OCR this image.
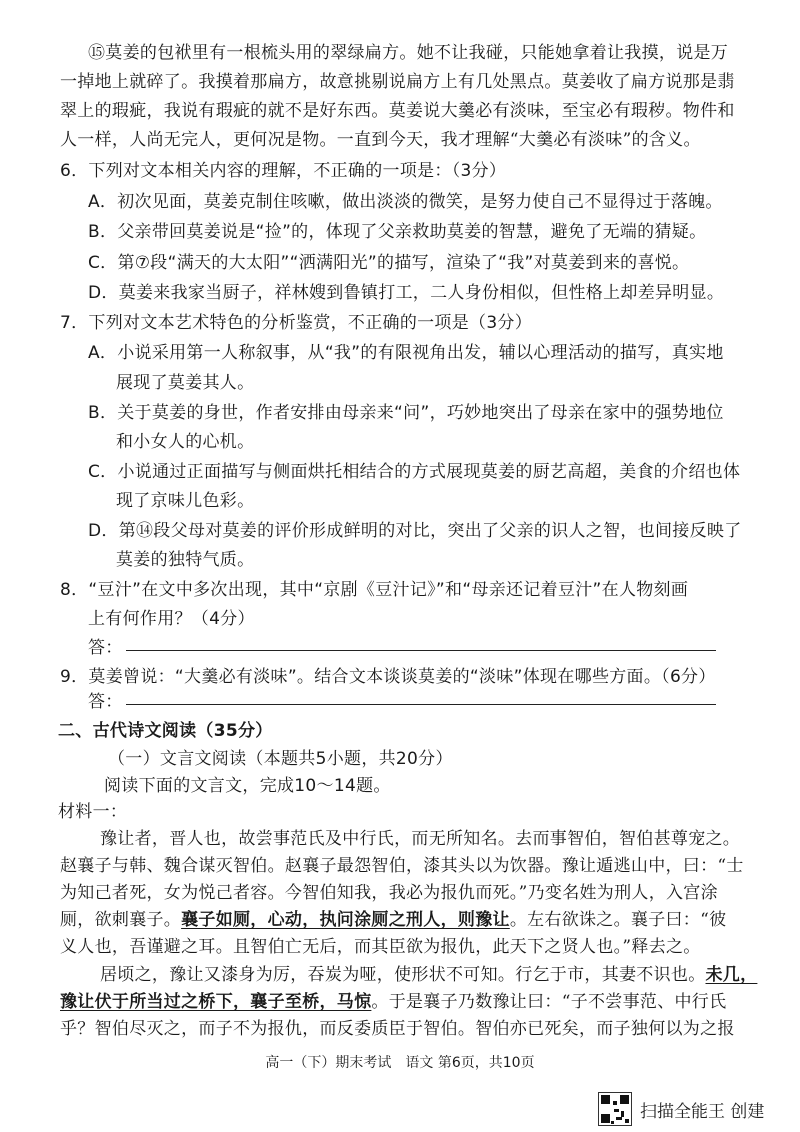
⑮莫姜的包袱里有一根梳头用的翠绿扁方。她不让我碰，只能她拿着让我摸，说是万
一掉地上就碎了。我摸着那扁方，故意挑剔说扁方上有几处黑点。莫姜收了扁方说那是翡
翠上的瑕疵，我说有瑕疵的就不是好东西。莫姜说大羹必有淡味，至宝必有瑕秽。物件和
人一样，人尚无完人，更何况是物。一直到今天，我才理解“大羹必有淡味”的含义。
6．下列对文本相关内容的理解，不正确的一项是：（3分）
A．初次见面，莫姜克制住咳嗽，做出淡淡的微笑，是努力使自己不显得过于落魄。
B．父亲带回莫姜说是“捡”的，体现了父亲救助莫姜的智慧，避免了无端的猜疑。
C．第⑦段“满天的大太阳”“洒满阳光”的描写，渲染了“我”对莫姜到来的喜悦。
D．莫姜来我家当厨子，祥林嫂到鲁镇打工，二人身份相似，但性格上却差异明显。
7．下列对文本艺术特色的分析鉴赏，不正确的一项是（3分）
A．小说采用第一人称叙事，从“我”的有限视角出发，辅以心理活动的描写，真实地
展现了莫姜其人。
B．关于莫姜的身世，作者安排由母亲来“问”，巧妙地突出了母亲在家中的强势地位
和小女人的心机。
C．小说通过正面描写与侧面烘托相结合的方式展现莫姜的厨艺高超，美食的介绍也体
现了京味儿色彩。
D．第⑭段父母对莫姜的评价形成鲜明的对比，突出了父亲的识人之智，也间接反映了
莫姜的独特气质。
8．“豆汁”在文中多次出现，其中“京剧《豆汁记》”和“母亲还记着豆汁”在人物刻画
上有何作用？（4分）
答：
9．莫姜曾说：“大羹必有淡味”。结合文本谈谈莫姜的“淡味”体现在哪些方面。（6分）
答：
二、古代诗文阅读（35分）
（一）文言文阅读（本题共5小题，共20分）
阅读下面的文言文，完成10～14题。
材料一：
豫让者，晋人也，故尝事范氏及中行氏，而无所知名。去而事智伯，智伯甚尊宠之。
赵襄子与韩、魏合谋灭智伯。赵襄子最怨智伯，漆其头以为饮器。豫让遁逃山中，曰：“士
为知己者死，女为悦己者容。今智伯知我，我必为报仇而死。”乃变名姓为刑人，入宫涂
厕，欲刺襄子。襄子如厕，心动，执问涂厕之刑人，则豫让。左右欲诛之。襄子曰：“彼
义人也，吾谨避之耳。且智伯亡无后，而其臣欲为报仇，此天下之贤人也。”释去之。
居顷之，豫让又漆身为厉，吞炭为哑，使形状不可知。行乞于市，其妻不识也。未几，
豫让伏于所当过之桥下，襄子至桥，马惊。于是襄子乃数豫让曰：“子不尝事范、中行氏
乎？智伯尽灭之，而子不为报仇，而反委质臣于智伯。智伯亦已死矣，而子独何以为之报
高一（下）期末考试　语文 第6页，共10页
扫描全能王 创建
